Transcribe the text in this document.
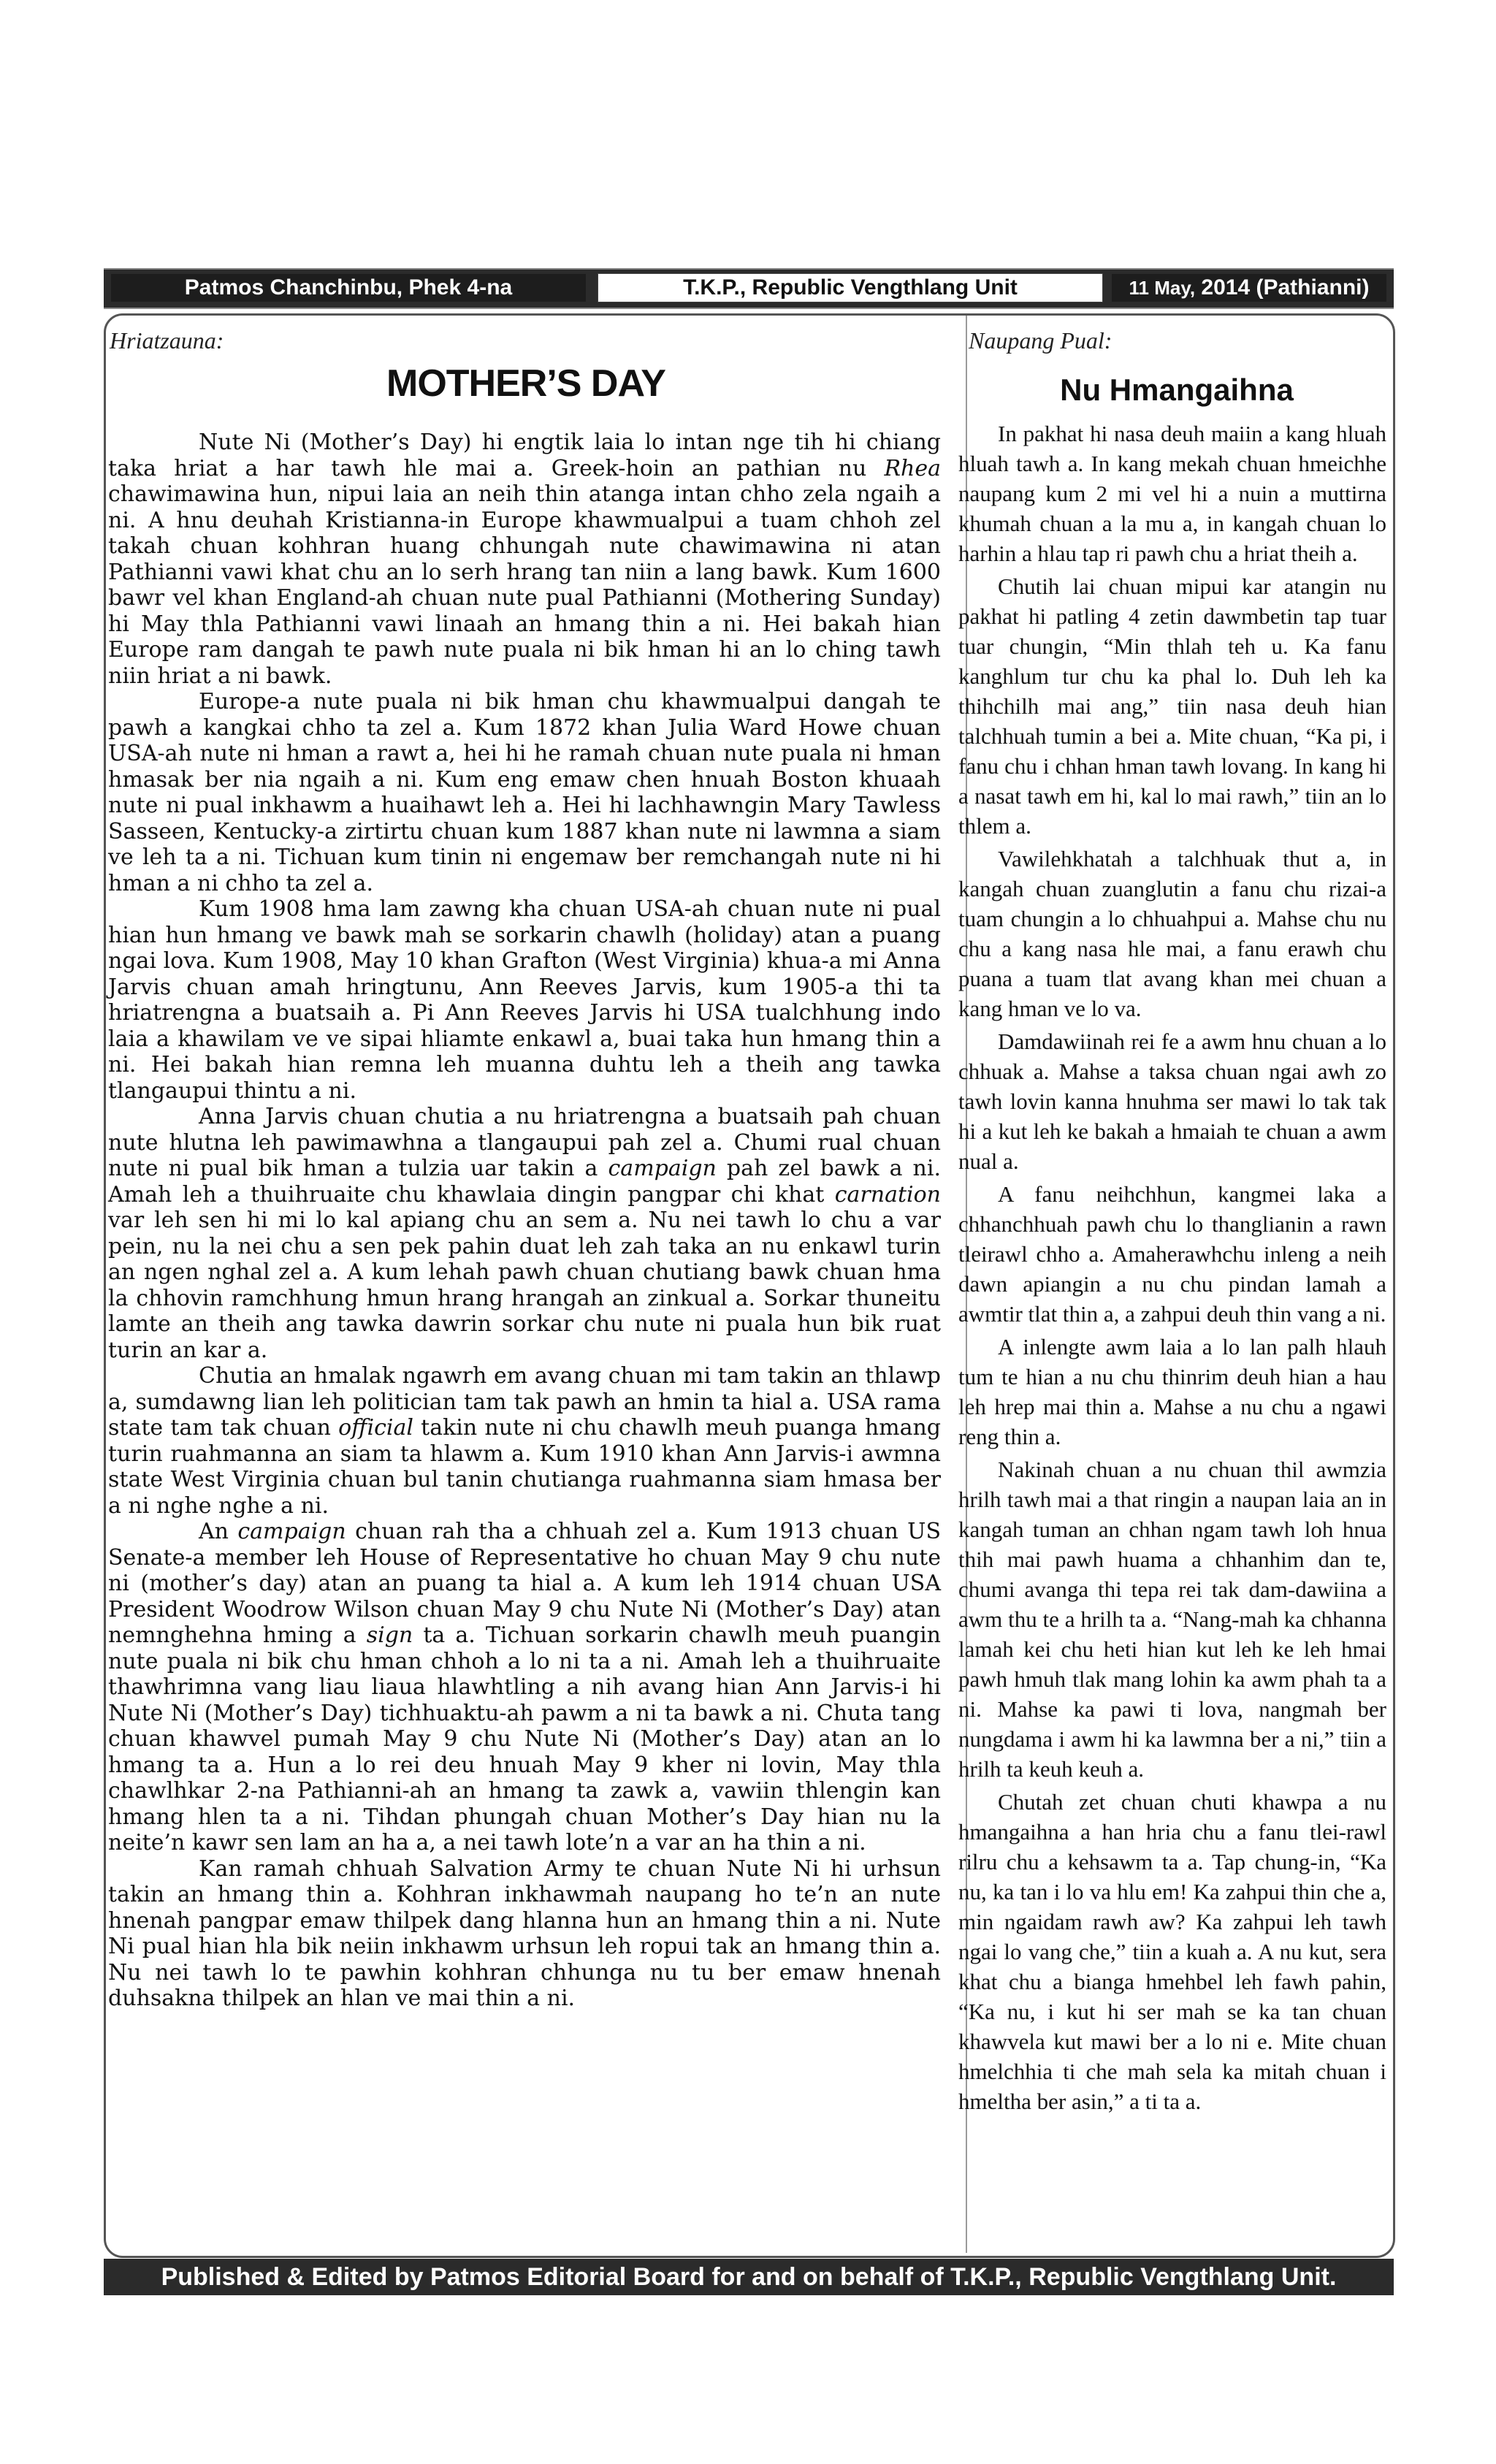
Patmos Chanchinbu, Phek 4-na	T.K.P., Republic Vengthlang Unit	11 May, 2014 (Pathianni)
Hriatzauna:
MOTHER’S DAY

Nute Ni (Mother’s Day) hi engtik laia lo intan nge tih hi chiang taka hriat a har tawh hle mai a. Greek-hoin an pathian nu Rhea chawimawina hun, nipui laia an neih thin atanga intan chho zela ngaih a ni. A hnu deuhah Kristianna-in Europe khawmualpui a tuam chhoh zel takah chuan kohhran huang chhungah nute chawimawina ni atan Pathianni vawi khat chu an lo serh hrang tan niin a lang bawk. Kum 1600 bawr vel khan England-ah chuan nute pual Pathianni (Mothering Sunday) hi May thla Pathianni vawi linaah an hmang thin a ni. Hei bakah hian Europe ram dangah te pawh nute puala ni bik hman hi an lo ching tawh niin hriat a ni bawk.

Europe-a nute puala ni bik hman chu khawmualpui dangah te pawh a kangkai chho ta zel a. Kum 1872 khan Julia Ward Howe chuan USA-ah nute ni hman a rawt a, hei hi he ramah chuan nute puala ni hman hmasak ber nia ngaih a ni. Kum eng emaw chen hnuah Boston khuaah nute ni pual inkhawm a huaihawt leh a. Hei hi lachhawngin Mary Tawless Sasseen, Kentucky-a zirtirtu chuan kum 1887 khan nute ni lawmna a siam ve leh ta a ni. Tichuan kum tinin ni engemaw ber remchangah nute ni hi hman a ni chho ta zel a.

Kum 1908 hma lam zawng kha chuan USA-ah chuan nute ni pual hian hun hmang ve bawk mah se sorkarin chawlh (holiday) atan a puang ngai lova. Kum 1908, May 10 khan Grafton (West Virginia) khua-a mi Anna Jarvis chuan amah hringtunu, Ann Reeves Jarvis, kum 1905-a thi ta hriatrengna a buatsaih a. Pi Ann Reeves Jarvis hi USA tualchhung indo laia a khawilam ve ve sipai hliamte enkawl a, buai taka hun hmang thin a ni. Hei bakah hian remna leh muanna duhtu leh a theih ang tawka tlangaupui thintu a ni.

Anna Jarvis chuan chutia a nu hriatrengna a buatsaih pah chuan nute hlutna leh pawimawhna a tlangaupui pah zel a. Chumi rual chuan nute ni pual bik hman a tulzia uar takin a campaign pah zel bawk a ni. Amah leh a thuihruaite chu khawlaia dingin pangpar chi khat carnation var leh sen hi mi lo kal apiang chu an sem a. Nu nei tawh lo chu a var pein, nu la nei chu a sen pek pahin duat leh zah taka an nu enkawl turin an ngen nghal zel a. A kum lehah pawh chuan chutiang bawk chuan hma la chhovin ramchhung hmun hrang hrangah an zinkual a. Sorkar thuneitu lamte an theih ang tawka dawrin sorkar chu nute ni puala hun bik ruat turin an kar a.

Chutia an hmalak ngawrh em avang chuan mi tam takin an thlawp a, sumdawng lian leh politician tam tak pawh an hmin ta hial a. USA rama state tam tak chuan official takin nute ni chu chawlh meuh puanga hmang turin ruahmanna an siam ta hlawm a. Kum 1910 khan Ann Jarvis-i awmna state West Virginia chuan bul tanin chutianga ruahmanna siam hmasa ber a ni nghe nghe a ni.

An campaign chuan rah tha a chhuah zel a. Kum 1913 chuan US Senate-a member leh House of Representative ho chuan May 9 chu nute ni (mother’s day) atan an puang ta hial a. A kum leh 1914 chuan USA President Woodrow Wilson chuan May 9 chu Nute Ni (Mother’s Day) atan nemnghehna hming a sign ta a. Tichuan sorkarin chawlh meuh puangin nute puala ni bik chu hman chhoh a lo ni ta a ni. Amah leh a thuihruaite thawhrimna vang liau liaua hlawhtling a nih avang hian Ann Jarvis-i hi Nute Ni (Mother’s Day) tichhuaktu-ah pawm a ni ta bawk a ni. Chuta tang chuan khawvel pumah May 9 chu Nute Ni (Mother’s Day) atan an lo hmang ta a. Hun a lo rei deu hnuah May 9 kher ni lovin, May thla chawlhkar 2-na Pathianni-ah an hmang ta zawk a, vawiin thlengin kan hmang hlen ta a ni. Tihdan phungah chuan Mother’s Day hian nu la neite’n kawr sen lam an ha a, a nei tawh lote’n a var an ha thin a ni.

Kan ramah chhuah Salvation Army te chuan Nute Ni hi urhsun takin an hmang thin a. Kohhran inkhawmah naupang ho te’n an nute hnenah pangpar emaw thilpek dang hlanna hun an hmang thin a ni. Nute Ni pual hian hla bik neiin inkhawm urhsun leh ropui tak an hmang thin a. Nu nei tawh lo te pawhin kohhran chhunga nu tu ber emaw hnenah duhsakna thilpek an hlan ve mai thin a ni.

Naupang Pual:
Nu Hmangaihna

In pakhat hi nasa deuh maiin a kang hluah hluah tawh a. In kang mekah chuan hmeichhe naupang kum 2 mi vel hi a nuin a muttirna khumah chuan a la mu a, in kangah chuan lo harhin a hlau tap ri pawh chu a hriat theih a.

Chutih lai chuan mipui kar atangin nu pakhat hi patling 4 zetin dawmbetin tap tuar tuar chungin, “Min thlah teh u. Ka fanu kanghlum tur chu ka phal lo. Duh leh ka thihchilh mai ang,” tiin nasa deuh hian talchhuah tumin a bei a. Mite chuan, “Ka pi, i fanu chu i chhan hman tawh lovang. In kang hi a nasat tawh em hi, kal lo mai rawh,” tiin an lo thlem a.

Vawilehkhatah a talchhuak thut a, in kangah chuan zuanglutin a fanu chu rizai-a tuam chungin a lo chhuahpui a. Mahse chu nu chu a kang nasa hle mai, a fanu erawh chu puana a tuam tlat avang khan mei chuan a kang hman ve lo va.

Damdawiinah rei fe a awm hnu chuan a lo chhuak a. Mahse a taksa chuan ngai awh zo tawh lovin kanna hnuhma ser mawi lo tak tak hi a kut leh ke bakah a hmaiah te chuan a awm nual a.

A fanu neihchhun, kangmei laka a chhanchhuah pawh chu lo thanglianin a rawn tleirawl chho a. Amaherawhchu inleng a neih dawn apiangin a nu chu pindan lamah a awmtir tlat thin a, a zahpui deuh thin vang a ni.

A inlengte awm laia a lo lan palh hlauh tum te hian a nu chu thinrim deuh hian a hau leh hrep mai thin a. Mahse a nu chu a ngawi reng thin a.

Nakinah chuan a nu chuan thil awmzia hrilh tawh mai a that ringin a naupan laia an in kangah tuman an chhan ngam tawh loh hnua thih mai pawh huama a chhanhim dan te, chumi avanga thi tepa rei tak dam-dawiina a awm thu te a hrilh ta a. “Nang-mah ka chhanna lamah kei chu heti hian kut leh ke leh hmai pawh hmuh tlak mang lohin ka awm phah ta a ni. Mahse ka pawi ti lova, nangmah ber nungdama i awm hi ka lawmna ber a ni,” tiin a hrilh ta keuh keuh a.

Chutah zet chuan chuti khawpa a nu hmangaihna a han hria chu a fanu tlei-rawl rilru chu a kehsawm ta a. Tap chung-in, “Ka nu, ka tan i lo va hlu em! Ka zahpui thin che a, min ngaidam rawh aw? Ka zahpui leh tawh ngai lo vang che,” tiin a kuah a. A nu kut, sera khat chu a bianga hmehbel leh fawh pahin, “Ka nu, i kut hi ser mah se ka tan chuan khawvela kut mawi ber a lo ni e. Mite chuan hmelchhia ti che mah sela ka mitah chuan i hmeltha ber asin,” a ti ta a.

Published & Edited by Patmos Editorial Board for and on behalf of T.K.P., Republic Vengthlang Unit.
